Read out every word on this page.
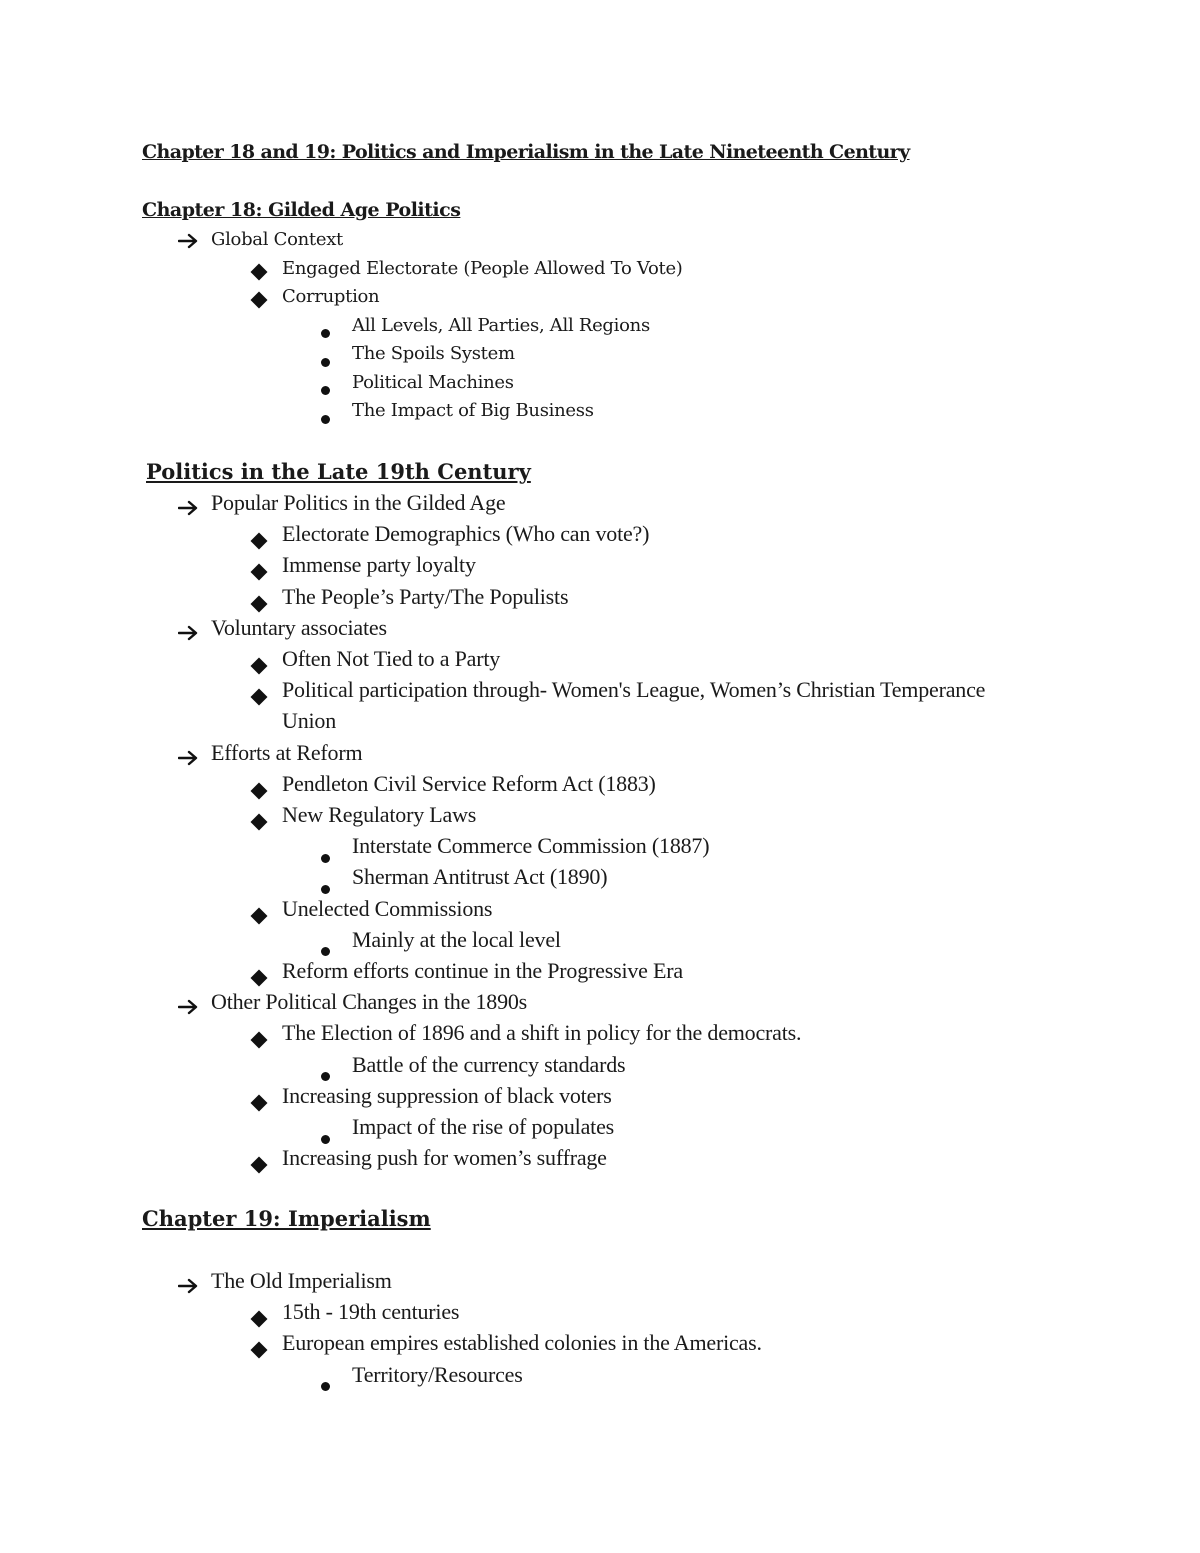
Chapter 18 and 19: Politics and Imperialism in the Late Nineteenth Century
Chapter 18: Gilded Age Politics
Global Context
Engaged Electorate (People Allowed To Vote)
Corruption
All Levels, All Parties, All Regions
The Spoils System
Political Machines
The Impact of Big Business
Politics in the Late 19th Century
Popular Politics in the Gilded Age
Electorate Demographics (Who can vote?)
Immense party loyalty
The People’s Party/The Populists
Voluntary associates
Often Not Tied to a Party
Political participation through- Women's League, Women’s Christian Temperance
Union
Efforts at Reform
Pendleton Civil Service Reform Act (1883)
New Regulatory Laws
Interstate Commerce Commission (1887)
Sherman Antitrust Act (1890)
Unelected Commissions
Mainly at the local level
Reform efforts continue in the Progressive Era
Other Political Changes in the 1890s
The Election of 1896 and a shift in policy for the democrats.
Battle of the currency standards
Increasing suppression of black voters
Impact of the rise of populates
Increasing push for women’s suffrage
Chapter 19: Imperialism
The Old Imperialism
15th - 19th centuries
European empires established colonies in the Americas.
Territory/Resources
